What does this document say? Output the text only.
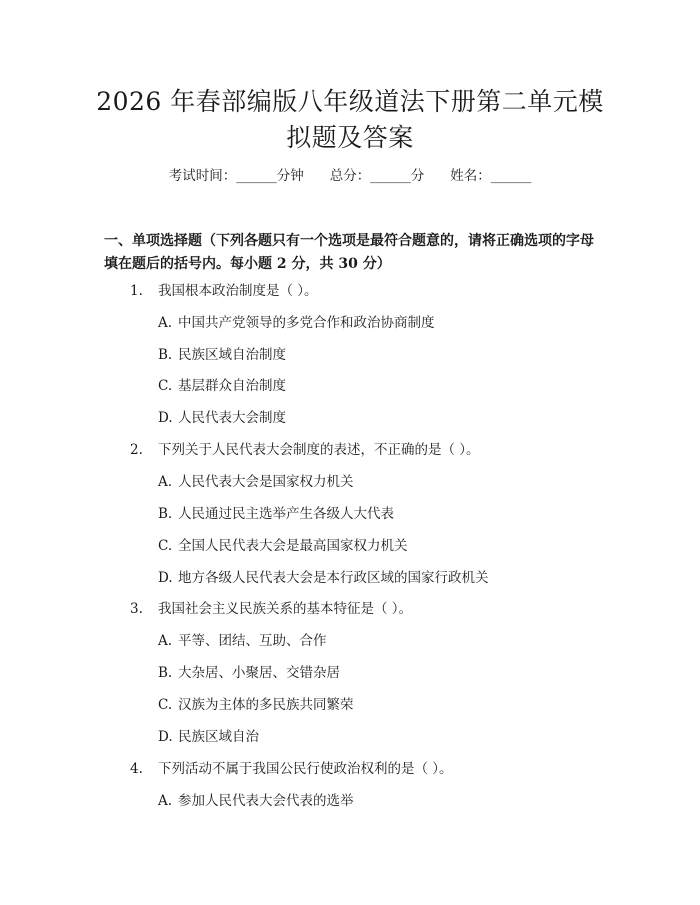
2026 年春部编版八年级道法下册第二单元模
拟题及答案
考试时间：______分钟 总分：______分 姓名：______
一、单项选择题（下列各题只有一个选项是最符合题意的，请将正确选项的字母
填在题后的括号内。每小题 2 分，共 30 分）
1. 我国根本政治制度是（ ）。
A. 中国共产党领导的多党合作和政治协商制度
B. 民族区域自治制度
C. 基层群众自治制度
D. 人民代表大会制度
2. 下列关于人民代表大会制度的表述，不正确的是（ ）。
A. 人民代表大会是国家权力机关
B. 人民通过民主选举产生各级人大代表
C. 全国人民代表大会是最高国家权力机关
D. 地方各级人民代表大会是本行政区域的国家行政机关
3. 我国社会主义民族关系的基本特征是（ ）。
A. 平等、团结、互助、合作
B. 大杂居、小聚居、交错杂居
C. 汉族为主体的多民族共同繁荣
D. 民族区域自治
4. 下列活动不属于我国公民行使政治权利的是（ ）。
A. 参加人民代表大会代表的选举
